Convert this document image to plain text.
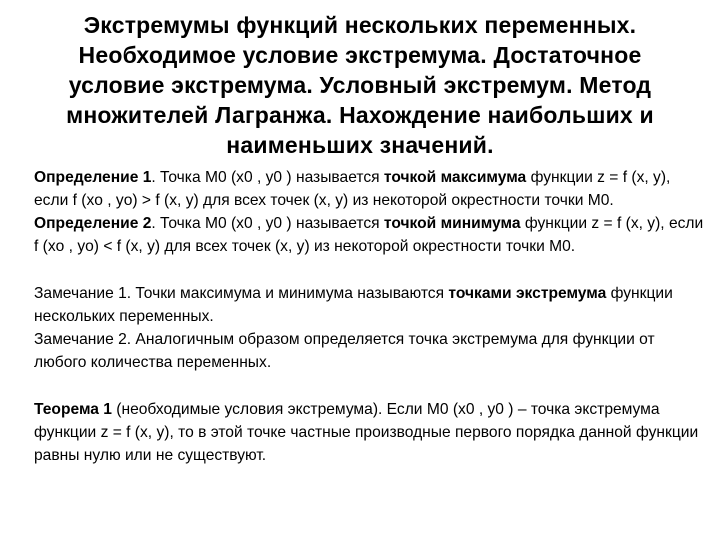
Экстремумы функций нескольких переменных.
Необходимое условие экстремума. Достаточное
условие экстремума. Условный экстремум. Метод
множителей Лагранжа. Нахождение наибольших и
наименьших значений.

Определение 1. Точка М0 (x0 , y0 ) называется точкой максимума функции z = f (x, y), если f (xo , yo) > f (x, y) для всех точек (x, y) из некоторой окрестности точки М0.

Определение 2. Точка М0 (x0 , y0 ) называется точкой минимума функции z = f (x, y), если f (xo , yo) < f (x, y) для всех точек (x, y) из некоторой окрестности точки М0.

Замечание 1. Точки максимума и минимума называются точками экстремума функции нескольких переменных.

Замечание 2. Аналогичным образом определяется точка экстремума для функции от любого количества переменных.

Теорема 1 (необходимые условия экстремума). Если М0 (x0 , y0 ) – точка экстремума функции z = f (x, y), то в этой точке частные производные первого порядка данной функции равны нулю или не существуют.
